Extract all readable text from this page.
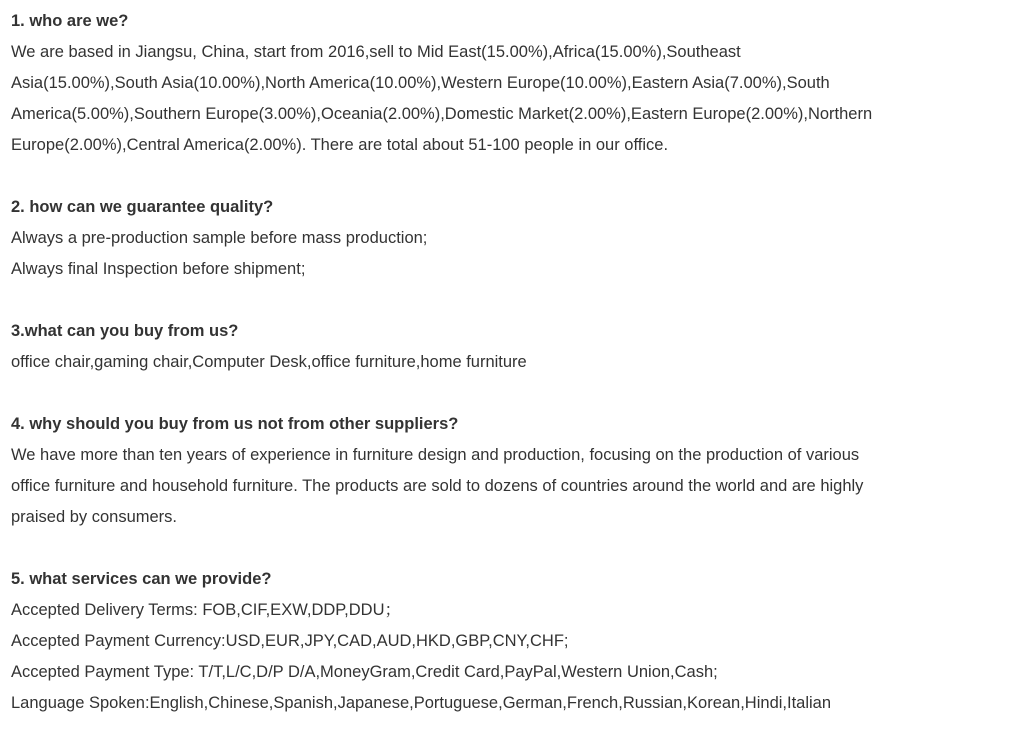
1. who are we?

We are based in Jiangsu, China, start from 2016,sell to Mid East(15.00%),Africa(15.00%),Southeast

Asia(15.00%),South Asia(10.00%),North America(10.00%),Western Europe(10.00%),Eastern Asia(7.00%),South

America(5.00%),Southern Europe(3.00%),Oceania(2.00%),Domestic Market(2.00%),Eastern Europe(2.00%),Northern

Europe(2.00%),Central America(2.00%). There are total about 51-100 people in our office.

2. how can we guarantee quality?

Always a pre-production sample before mass production;

Always final Inspection before shipment;

3.what can you buy from us?

office chair,gaming chair,Computer Desk,office furniture,home furniture

4. why should you buy from us not from other suppliers?

We have more than ten years of experience in furniture design and production, focusing on the production of various

office furniture and household furniture. The products are sold to dozens of countries around the world and are highly

praised by consumers.

5. what services can we provide?

Accepted Delivery Terms: FOB,CIF,EXW,DDP,DDU；

Accepted Payment Currency:USD,EUR,JPY,CAD,AUD,HKD,GBP,CNY,CHF;

Accepted Payment Type: T/T,L/C,D/P D/A,MoneyGram,Credit Card,PayPal,Western Union,Cash;

Language Spoken:English,Chinese,Spanish,Japanese,Portuguese,German,French,Russian,Korean,Hindi,Italian
